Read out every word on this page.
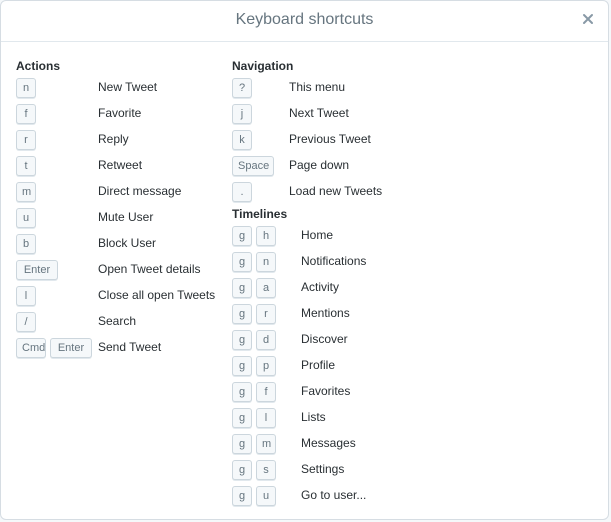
Keyboard shortcuts
Actions
n	New Tweet
f	Favorite
r	Reply
t	Retweet
m	Direct message
u	Mute User
b	Block User
Enter	Open Tweet details
l	Close all open Tweets
/	Search
Cmd	Enter	Send Tweet
Navigation
?	This menu
j	Next Tweet
k	Previous Tweet
Space	Page down
.	Load new Tweets
Timelines
g	h	Home
g	n	Notifications
g	a	Activity
g	r	Mentions
g	d	Discover
g	p	Profile
g	f	Favorites
g	l	Lists
g	m	Messages
g	s	Settings
g	u	Go to user...
